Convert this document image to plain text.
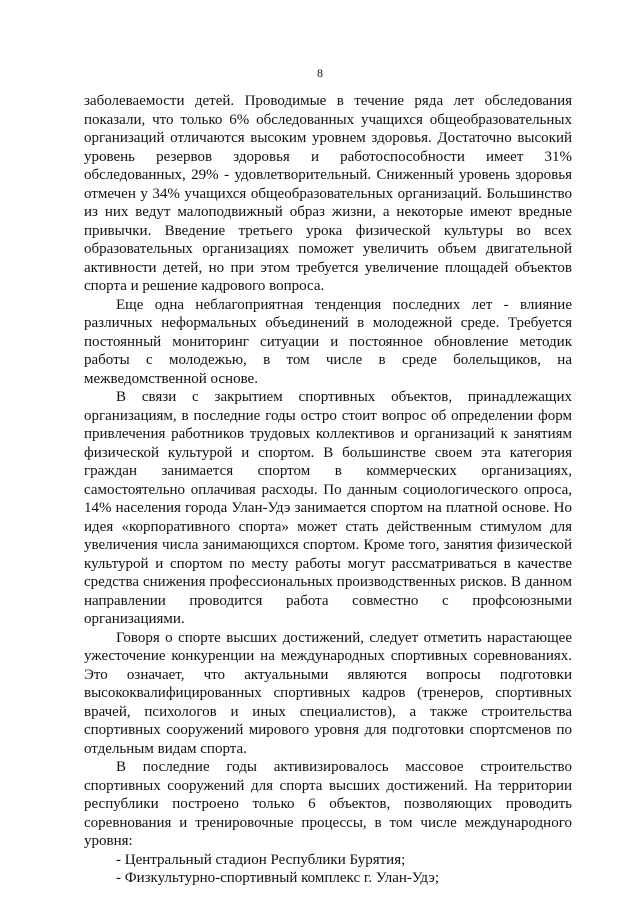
8

заболеваемости детей. Проводимые в течение ряда лет обследования показали, что только 6% обследованных учащихся общеобразовательных организаций отличаются высоким уровнем здоровья. Достаточно высокий уровень резервов здоровья и работоспособности имеет 31% обследованных, 29% - удовлетворительный. Сниженный уровень здоровья отмечен у 34% учащихся общеобразовательных организаций. Большинство из них ведут малоподвижный образ жизни, а некоторые имеют вредные привычки. Введение третьего урока физической культуры во всех образовательных организациях поможет увеличить объем двигательной активности детей, но при этом требуется увеличение площадей объектов спорта и решение кадрового вопроса.

Еще одна неблагоприятная тенденция последних лет - влияние различных неформальных объединений в молодежной среде. Требуется постоянный мониторинг ситуации и постоянное обновление методик работы с молодежью, в том числе в среде болельщиков, на межведомственной основе.

В связи с закрытием спортивных объектов, принадлежащих организациям, в последние годы остро стоит вопрос об определении форм привлечения работников трудовых коллективов и организаций к занятиям физической культурой и спортом. В большинстве своем эта категория граждан занимается спортом в коммерческих организациях, самостоятельно оплачивая расходы. По данным социологического опроса, 14% населения города Улан-Удэ занимается спортом на платной основе. Но идея «корпоративного спорта» может стать действенным стимулом для увеличения числа занимающихся спортом. Кроме того, занятия физической культурой и спортом по месту работы могут рассматриваться в качестве средства снижения профессиональных производственных рисков. В данном направлении проводится работа совместно с профсоюзными организациями.

Говоря о спорте высших достижений, следует отметить нарастающее ужесточение конкуренции на международных спортивных соревнованиях. Это означает, что актуальными являются вопросы подготовки высококвалифицированных спортивных кадров (тренеров, спортивных врачей, психологов и иных специалистов), а также строительства спортивных сооружений мирового уровня для подготовки спортсменов по отдельным видам спорта.

В последние годы активизировалось массовое строительство спортивных сооружений для спорта высших достижений. На территории республики построено только 6 объектов, позволяющих проводить соревнования и тренировочные процессы, в том числе международного уровня:

- Центральный стадион Республики Бурятия;

- Физкультурно-спортивный комплекс г. Улан-Удэ;
